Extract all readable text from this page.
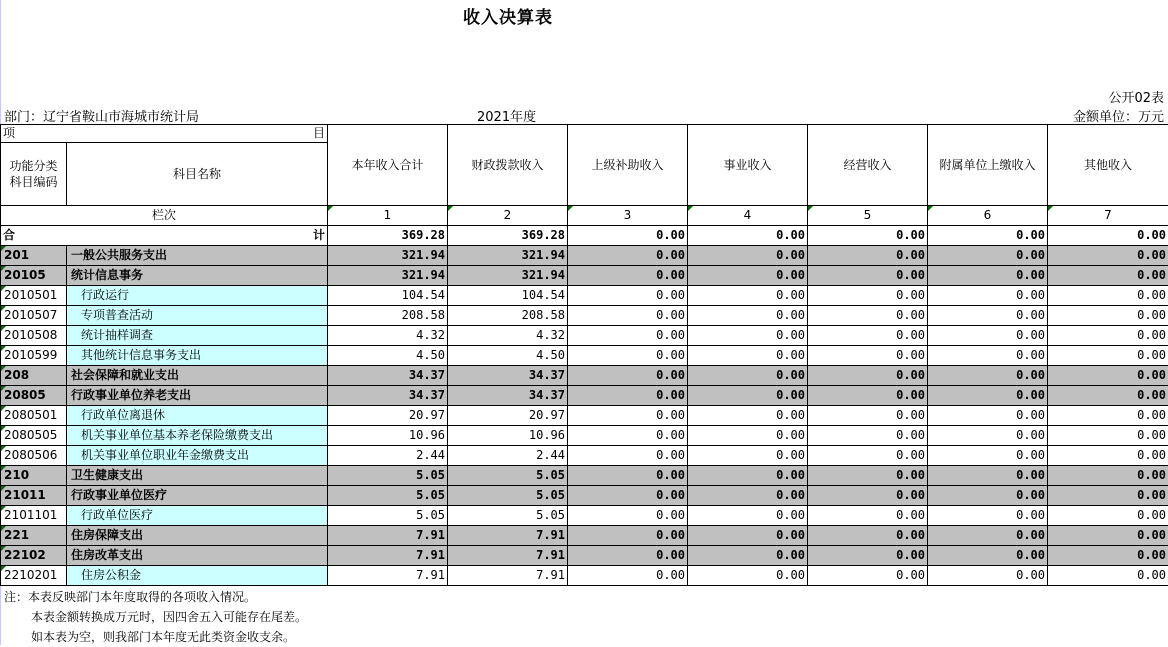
收入决算表
公开02表
部门：辽宁省鞍山市海城市统计局	2021年度	金额单位：万元
项 目		本年收入合计	财政拨款收入	上级补助收入	事业收入	经营收入	附属单位上缴收入	其他收入
功能分类
科目编码	科目名称							
栏次		1	2	3	4	5	6	7
合 计		369.28	369.28	0.00	0.00	0.00	0.00	0.00
201	一般公共服务支出	321.94	321.94	0.00	0.00	0.00	0.00	0.00
20105	统计信息事务	321.94	321.94	0.00	0.00	0.00	0.00	0.00
2010501	行政运行	104.54	104.54	0.00	0.00	0.00	0.00	0.00
2010507	专项普查活动	208.58	208.58	0.00	0.00	0.00	0.00	0.00
2010508	统计抽样调查	4.32	4.32	0.00	0.00	0.00	0.00	0.00
2010599	其他统计信息事务支出	4.50	4.50	0.00	0.00	0.00	0.00	0.00
208	社会保障和就业支出	34.37	34.37	0.00	0.00	0.00	0.00	0.00
20805	行政事业单位养老支出	34.37	34.37	0.00	0.00	0.00	0.00	0.00
2080501	行政单位离退休	20.97	20.97	0.00	0.00	0.00	0.00	0.00
2080505	机关事业单位基本养老保险缴费支出	10.96	10.96	0.00	0.00	0.00	0.00	0.00
2080506	机关事业单位职业年金缴费支出	2.44	2.44	0.00	0.00	0.00	0.00	0.00
210	卫生健康支出	5.05	5.05	0.00	0.00	0.00	0.00	0.00
21011	行政事业单位医疗	5.05	5.05	0.00	0.00	0.00	0.00	0.00
2101101	行政单位医疗	5.05	5.05	0.00	0.00	0.00	0.00	0.00
221	住房保障支出	7.91	7.91	0.00	0.00	0.00	0.00	0.00
22102	住房改革支出	7.91	7.91	0.00	0.00	0.00	0.00	0.00
2210201	住房公积金	7.91	7.91	0.00	0.00	0.00	0.00	0.00
注：本表反映部门本年度取得的各项收入情况。
本表金额转换成万元时，因四舍五入可能存在尾差。
如本表为空，则我部门本年度无此类资金收支余。
